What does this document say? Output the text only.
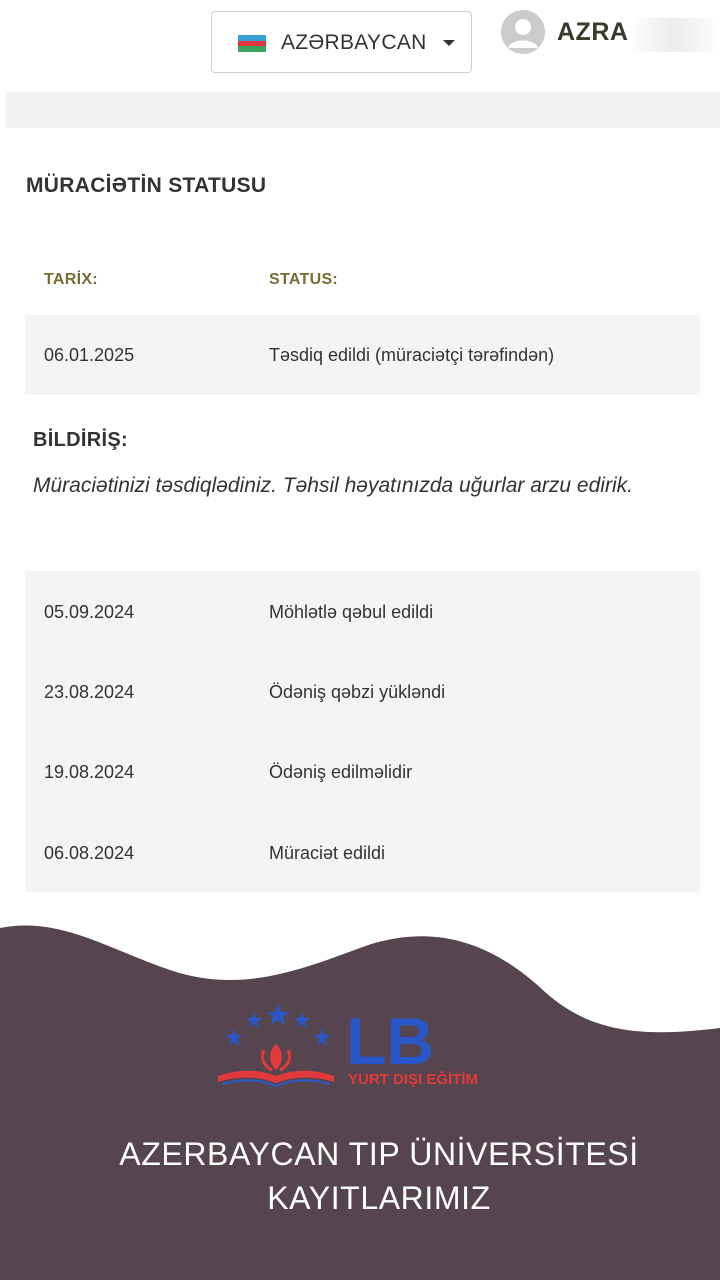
AZƏRBAYCAN	AZRA
MÜRACİƏTİN STATUSU
TARİX:	STATUS:
06.01.2025	Təsdiq edildi (müraciətçi tərəfindən)
BİLDİRİŞ:

Müraciətinizi təsdiqlədiniz. Təhsil həyatınızda uğurlar arzu edirik.

05.09.2024	Möhlətlə qəbul edildi
23.08.2024	Ödəniş qəbzi yükləndi
19.08.2024	Ödəniş edilməlidir
06.08.2024	Müraciət edildi
LB
YURT DIŞI EĞİTİM
AZERBAYCAN TIP ÜNİVERSİTESİ
KAYITLARIMIZ
